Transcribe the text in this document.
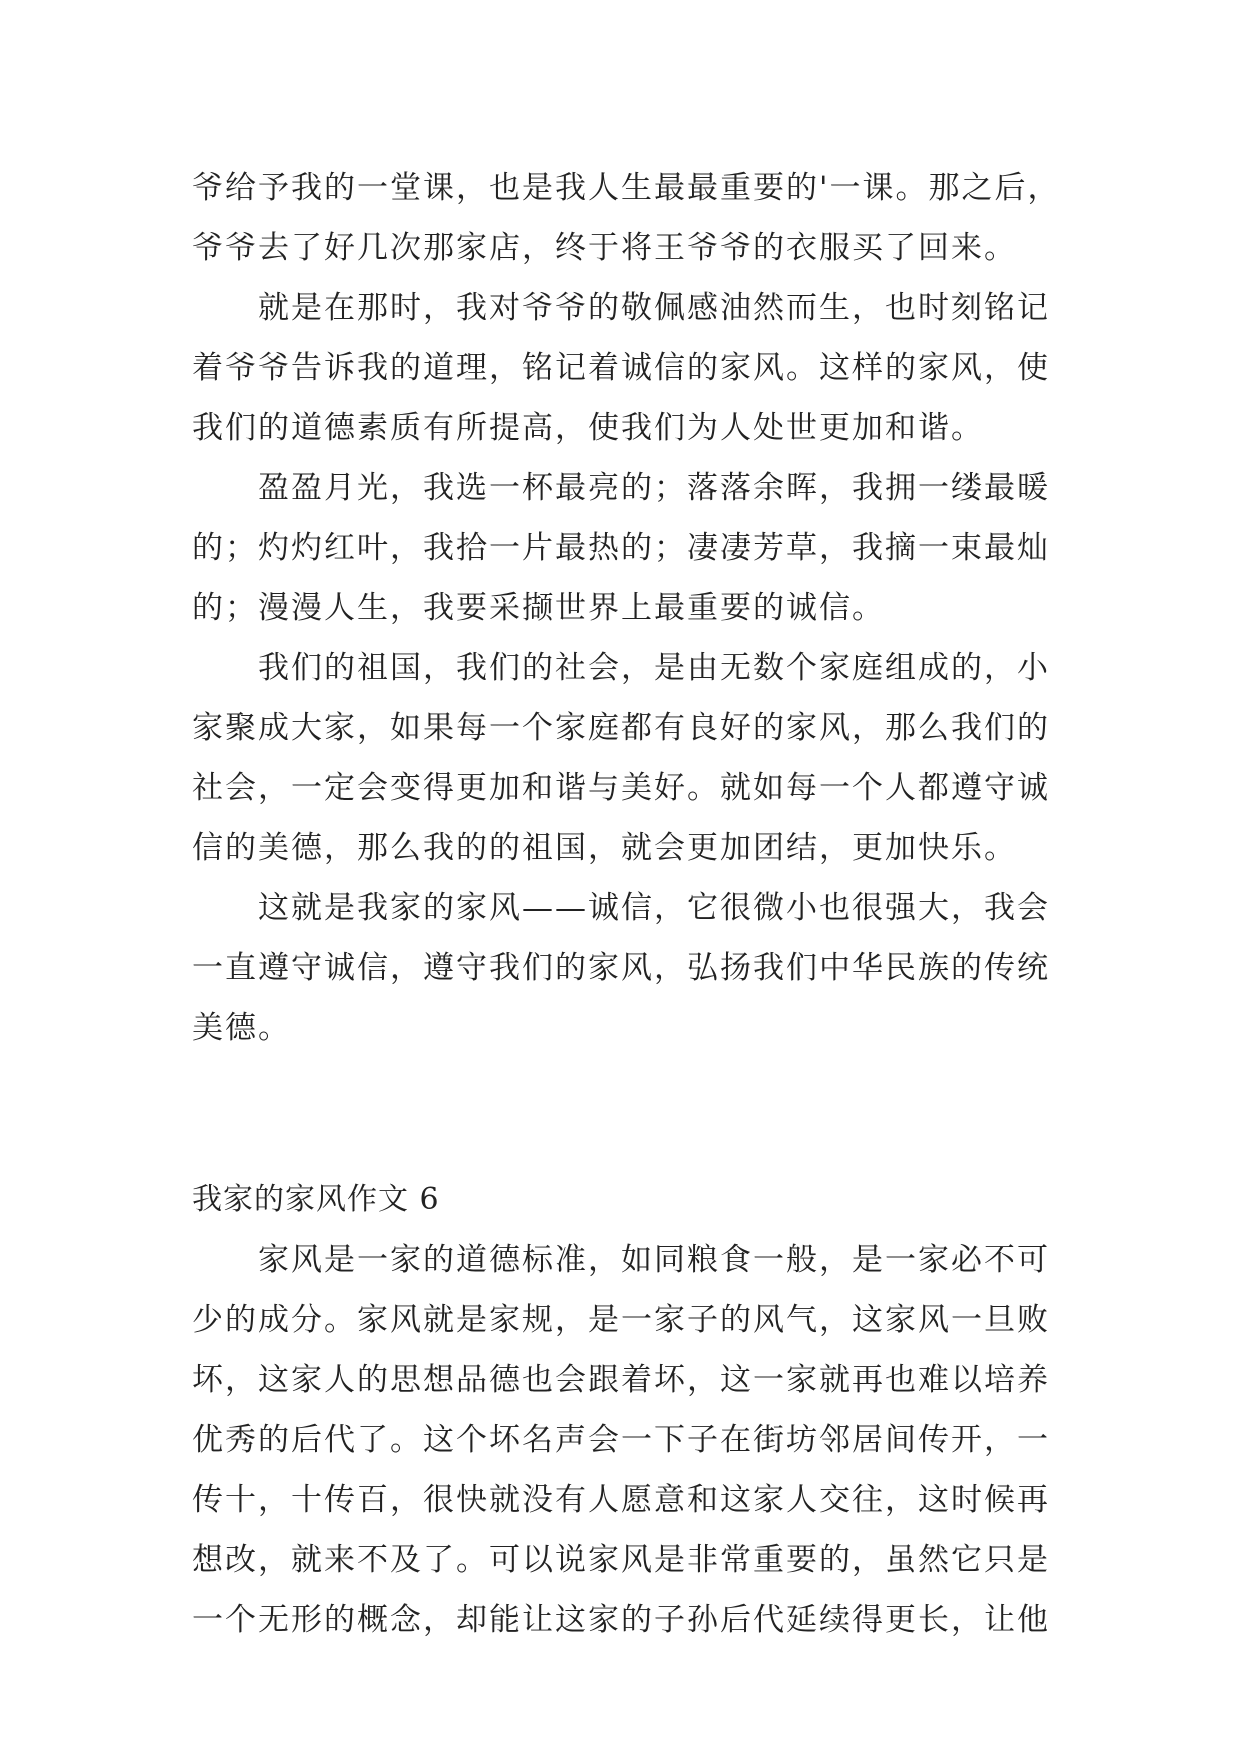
爷给予我的一堂课，也是我人生最最重要的'一课。那之后，
爷爷去了好几次那家店，终于将王爷爷的衣服买了回来。
就是在那时，我对爷爷的敬佩感油然而生，也时刻铭记
着爷爷告诉我的道理，铭记着诚信的家风。这样的家风，使
我们的道德素质有所提高，使我们为人处世更加和谐。
盈盈月光，我选一杯最亮的；落落余晖，我拥一缕最暖
的；灼灼红叶，我拾一片最热的；凄凄芳草，我摘一束最灿
的；漫漫人生，我要采撷世界上最重要的诚信。
我们的祖国，我们的社会，是由无数个家庭组成的，小
家聚成大家，如果每一个家庭都有良好的家风，那么我们的
社会，一定会变得更加和谐与美好。就如每一个人都遵守诚
信的美德，那么我的的祖国，就会更加团结，更加快乐。
这就是我家的家风——诚信，它很微小也很强大，我会
一直遵守诚信，遵守我们的家风，弘扬我们中华民族的传统
美德。
我家的家风作文 6
家风是一家的道德标准，如同粮食一般，是一家必不可
少的成分。家风就是家规，是一家子的风气，这家风一旦败
坏，这家人的思想品德也会跟着坏，这一家就再也难以培养
优秀的后代了。这个坏名声会一下子在街坊邻居间传开，一
传十，十传百，很快就没有人愿意和这家人交往，这时候再
想改，就来不及了。可以说家风是非常重要的，虽然它只是
一个无形的概念，却能让这家的子孙后代延续得更长，让他
